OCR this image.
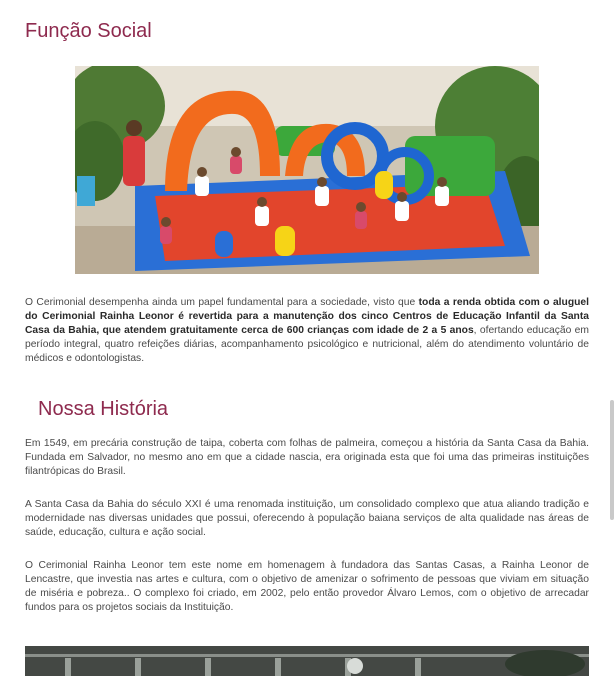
Função Social

O Cerimonial desempenha ainda um papel fundamental para a sociedade, visto que toda a renda obtida com o aluguel do Cerimonial Rainha Leonor é revertida para a manutenção dos cinco Centros de Educação Infantil da Santa Casa da Bahia, que atendem gratuitamente cerca de 600 crianças com idade de 2 a 5 anos, ofertando educação em período integral, quatro refeições diárias, acompanhamento psicológico e nutricional, além do atendimento voluntário de médicos e odontologistas.

Nossa História

Em 1549, em precária construção de taipa, coberta com folhas de palmeira, começou a história da Santa Casa da Bahia. Fundada em Salvador, no mesmo ano em que a cidade nascia, era originada esta que foi uma das primeiras instituições filantrópicas do Brasil.

A Santa Casa da Bahia do século XXI é uma renomada instituição, um consolidado complexo que atua aliando tradição e modernidade nas diversas unidades que possui, oferecendo à população baiana serviços de alta qualidade nas áreas de saúde, educação, cultura e ação social.

O Cerimonial Rainha Leonor tem este nome em homenagem à fundadora das Santas Casas, a Rainha Leonor de Lencastre, que investia nas artes e cultura, com o objetivo de amenizar o sofrimento de pessoas que viviam em situação de miséria e pobreza.. O complexo foi criado, em 2002, pelo então provedor Álvaro Lemos, com o objetivo de arrecadar fundos para os projetos sociais da Instituição.
